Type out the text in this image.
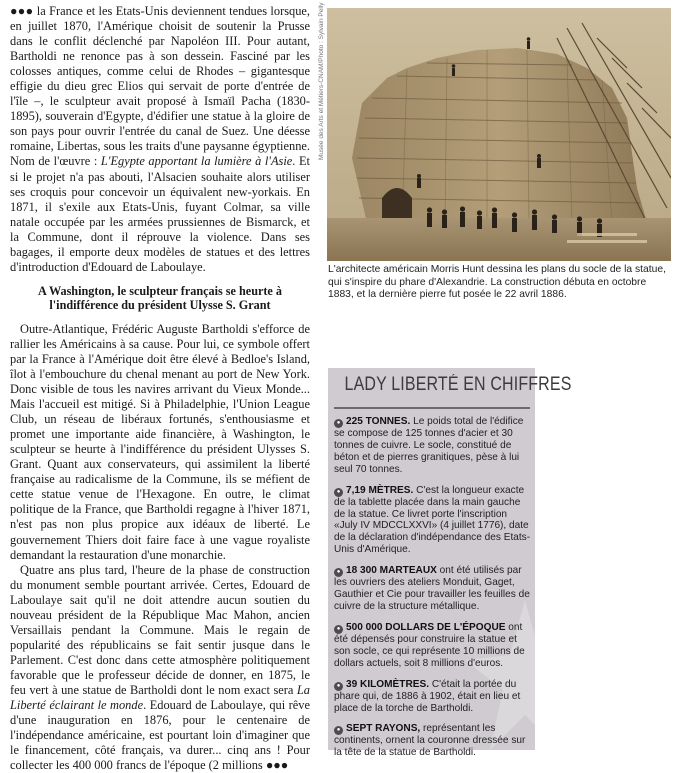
●●● la France et les Etats-Unis deviennent tendues lorsque, en juillet 1870, l'Amérique choisit de soutenir la Prusse dans le conflit déclenché par Napoléon III. Pour autant, Bartholdi ne renonce pas à son dessein. Fasciné par les colosses antiques, comme celui de Rhodes – gigantesque effigie du dieu grec Elios qui servait de porte d'entrée de l'île –, le sculpteur avait proposé à Ismaïl Pacha (1830-1895), souverain d'Egypte, d'édifier une statue à la gloire de son pays pour ouvrir l'entrée du canal de Suez. Une déesse romaine, Libertas, sous les traits d'une paysanne égyptienne. Nom de l'œuvre : L'Egypte apportant la lumière à l'Asie. Et si le projet n'a pas abouti, l'Alsacien souhaite alors utiliser ses croquis pour concevoir un équivalent new-yorkais. En 1871, il s'exile aux Etats-Unis, fuyant Colmar, sa ville natale occupée par les armées prussiennes de Bismarck, et la Commune, dont il réprouve la violence. Dans ses bagages, il emporte deux modèles de statues et des lettres d'introduction d'Edouard de Laboulaye.

A Washington, le sculpteur français se heurte à l'indifférence du président Ulysse S. Grant

Outre-Atlantique, Frédéric Auguste Bartholdi s'efforce de rallier les Américains à sa cause. Pour lui, ce symbole offert par la France à l'Amérique doit être élevé à Bedloe's Island, îlot à l'embouchure du chenal menant au port de New York. Donc visible de tous les navires arrivant du Vieux Monde... Mais l'accueil est mitigé. Si à Philadelphie, l'Union League Club, un réseau de libéraux fortunés, s'enthousiasme et promet une importante aide financière, à Washington, le sculpteur se heurte à l'indifférence du président Ulysses S. Grant. Quant aux conservateurs, qui assimilent la liberté française au radicalisme de la Commune, ils se méfient de cette statue venue de l'Hexagone. En outre, le climat politique de la France, que Bartholdi regagne à l'hiver 1871, n'est pas non plus propice aux idéaux de liberté. Le gouvernement Thiers doit faire face à une vague royaliste demandant la restauration d'une monarchie.

Quatre ans plus tard, l'heure de la phase de construction du monument semble pourtant arrivée. Certes, Edouard de Laboulaye sait qu'il ne doit attendre aucun soutien du nouveau président de la République Mac Mahon, ancien Versaillais pendant la Commune. Mais le regain de popularité des républicains se fait sentir jusque dans le Parlement. C'est donc dans cette atmosphère politiquement favorable que le professeur décide de donner, en 1875, le feu vert à une statue de Bartholdi dont le nom exact sera La Liberté éclairant le monde. Edouard de Laboulaye, qui rêve d'une inauguration en 1876, pour le centenaire de l'indépendance américaine, est pourtant loin d'imaginer que le financement, côté français, va durer... cinq ans ! Pour collecter les 400 000 francs de l'époque (2 millions ●●●

Musée des Arts et Métiers-CNAM/Photo : Sylvain Pelly

L'architecte américain Morris Hunt dessina les plans du socle de la statue, qui s'inspire du phare d'Alexandrie. La construction débuta en octobre 1883, et la dernière pierre fut posée le 22 avril 1886.

LADY LIBERTÉ EN CHIFFRES

● 225 TONNES. Le poids total de l'édifice se compose de 125 tonnes d'acier et 30 tonnes de cuivre. Le socle, constitué de béton et de pierres granitiques, pèse à lui seul 70 tonnes.
● 7,19 MÈTRES. C'est la longueur exacte de la tablette placée dans la main gauche de la statue. Ce livret porte l'inscription «July IV MDCCLXXVI» (4 juillet 1776), date de la déclaration d'indépendance des Etats-Unis d'Amérique.
● 18 300 MARTEAUX ont été utilisés par les ouvriers des ateliers Monduit, Gaget, Gauthier et Cie pour travailler les feuilles de cuivre de la structure métallique.
● 500 000 DOLLARS DE L'ÉPOQUE ont été dépensés pour construire la statue et son socle, ce qui représente 10 millions de dollars actuels, soit 8 millions d'euros.
● 39 KILOMÈTRES. C'était la portée du phare qui, de 1886 à 1902, était en lieu et place de la torche de Bartholdi.
● SEPT RAYONS, représentant les continents, ornent la couronne dressée sur la tête de la statue de Bartholdi.
